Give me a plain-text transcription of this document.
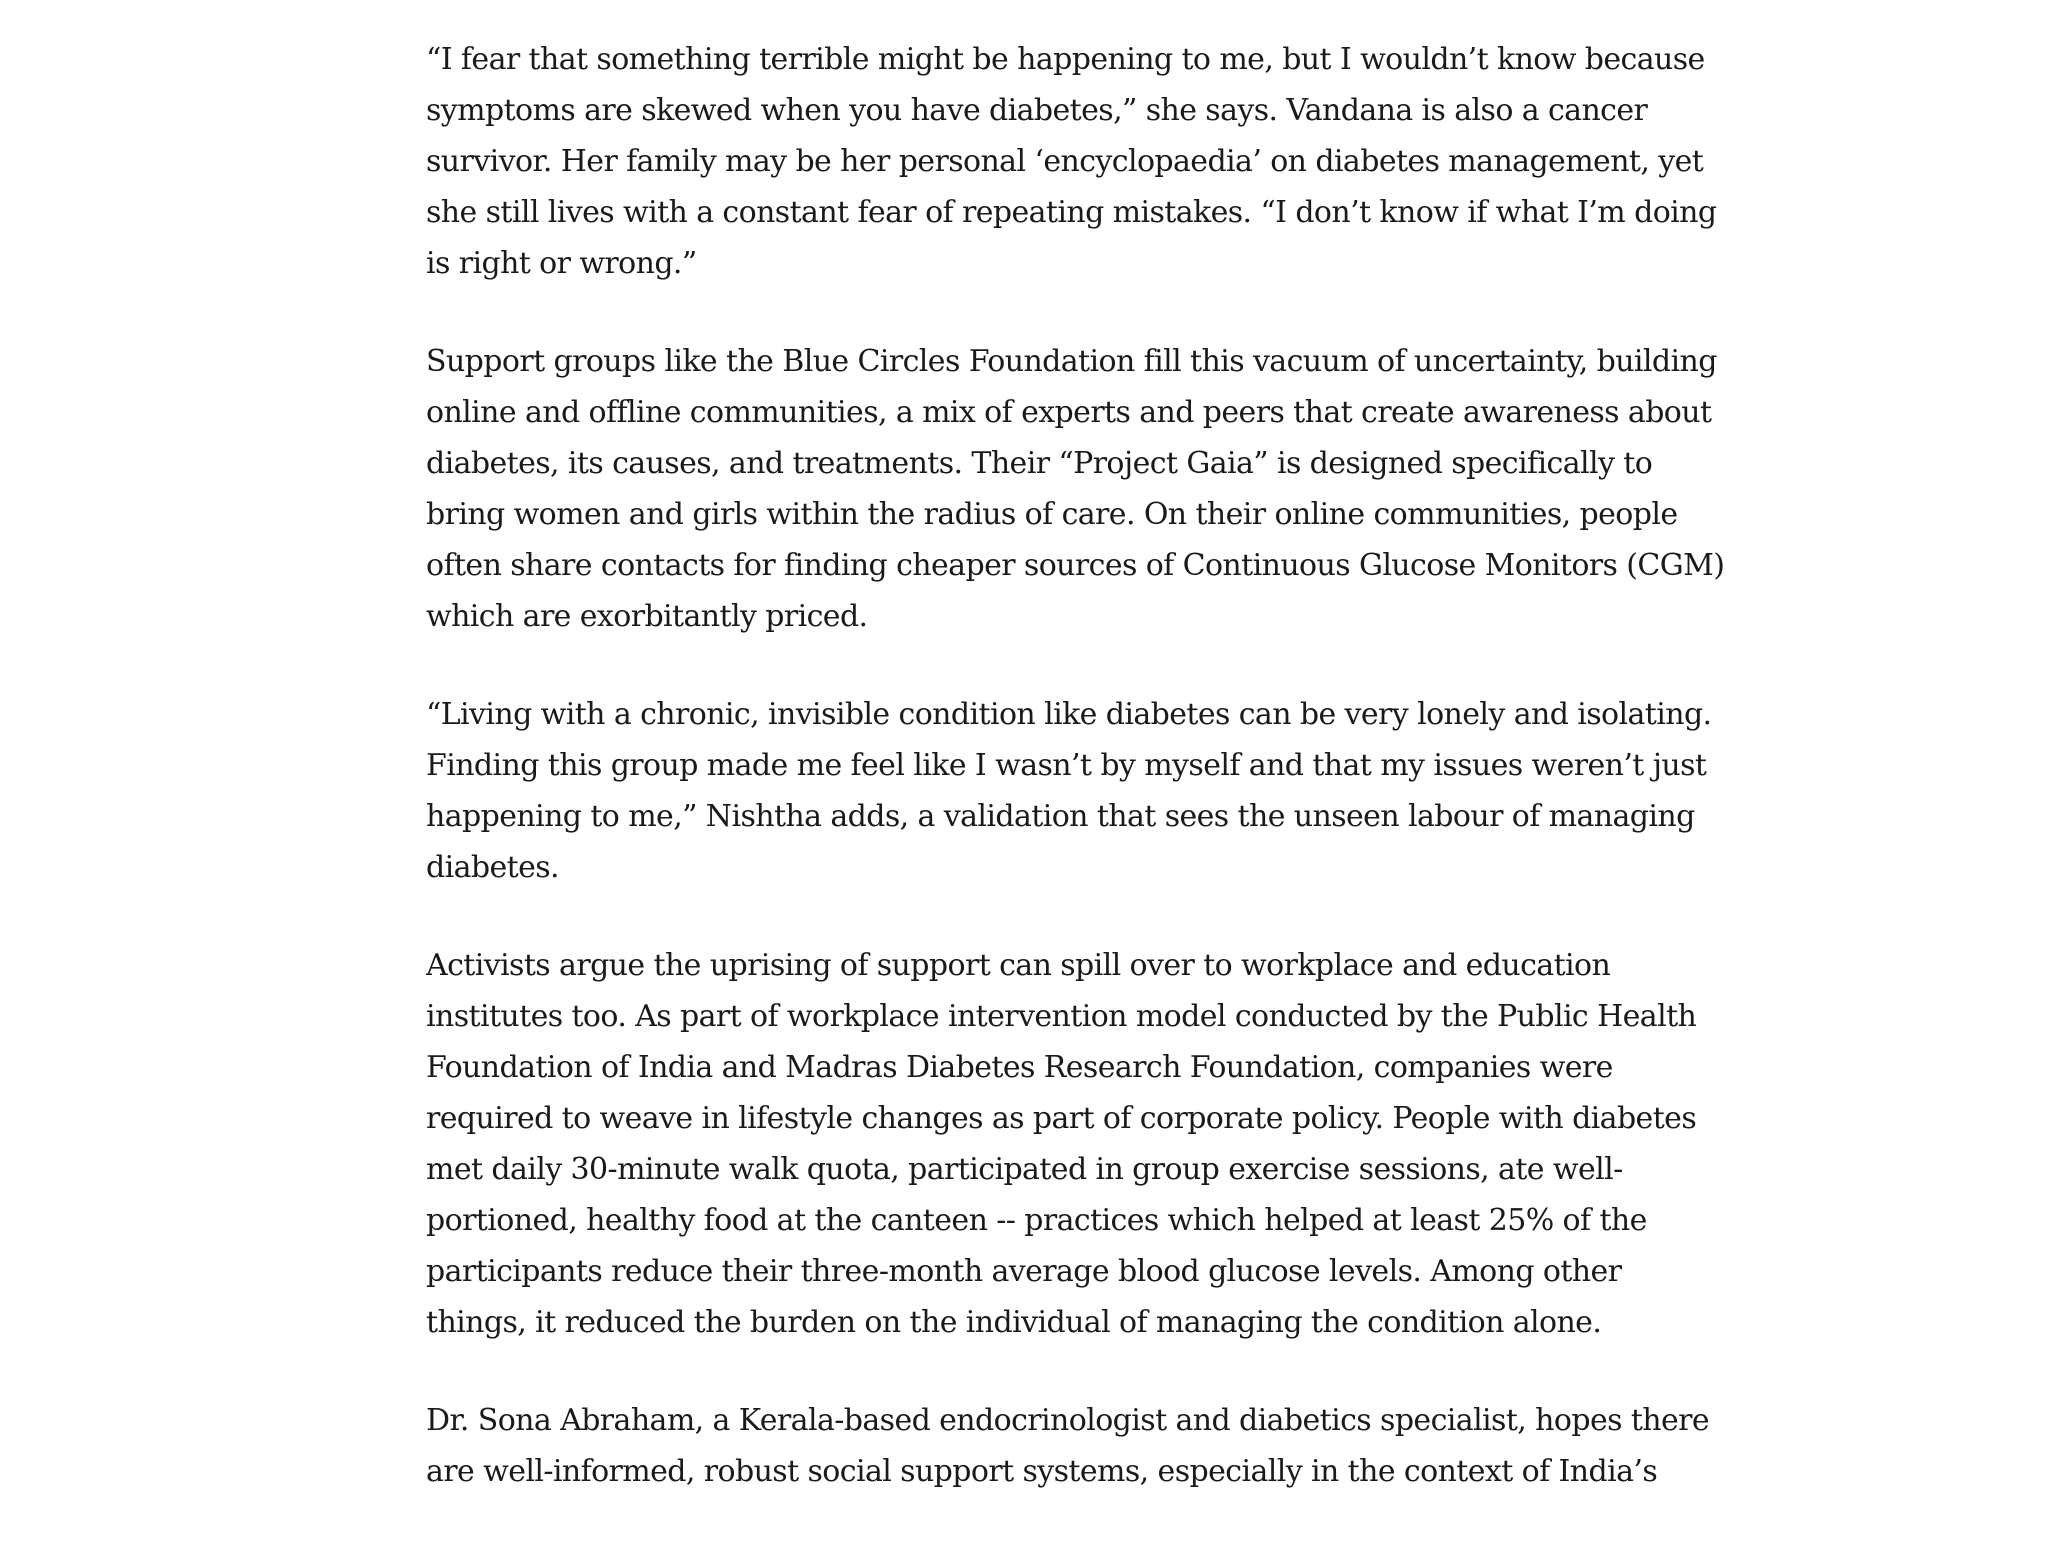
“I fear that something terrible might be happening to me, but I wouldn’t know because symptoms are skewed when you have diabetes,” she says. Vandana is also a cancer survivor. Her family may be her personal ‘encyclopaedia’ on diabetes management, yet she still lives with a constant fear of repeating mistakes. “I don’t know if what I’m doing is right or wrong.”

Support groups like the Blue Circles Foundation fill this vacuum of uncertainty, building online and offline communities, a mix of experts and peers that create awareness about diabetes, its causes, and treatments. Their “Project Gaia” is designed specifically to bring women and girls within the radius of care. On their online communities, people often share contacts for finding cheaper sources of Continuous Glucose Monitors (CGM) which are exorbitantly priced.

“Living with a chronic, invisible condition like diabetes can be very lonely and isolating. Finding this group made me feel like I wasn’t by myself and that my issues weren’t just happening to me,” Nishtha adds, a validation that sees the unseen labour of managing diabetes.

Activists argue the uprising of support can spill over to workplace and education institutes too. As part of workplace intervention model conducted by the Public Health Foundation of India and Madras Diabetes Research Foundation, companies were required to weave in lifestyle changes as part of corporate policy. People with diabetes met daily 30-minute walk quota, participated in group exercise sessions, ate well-portioned, healthy food at the canteen -- practices which helped at least 25% of the participants reduce their three-month average blood glucose levels. Among other things, it reduced the burden on the individual of managing the condition alone.

Dr. Sona Abraham, a Kerala-based endocrinologist and diabetics specialist, hopes there are well-informed, robust social support systems, especially in the context of India’s
